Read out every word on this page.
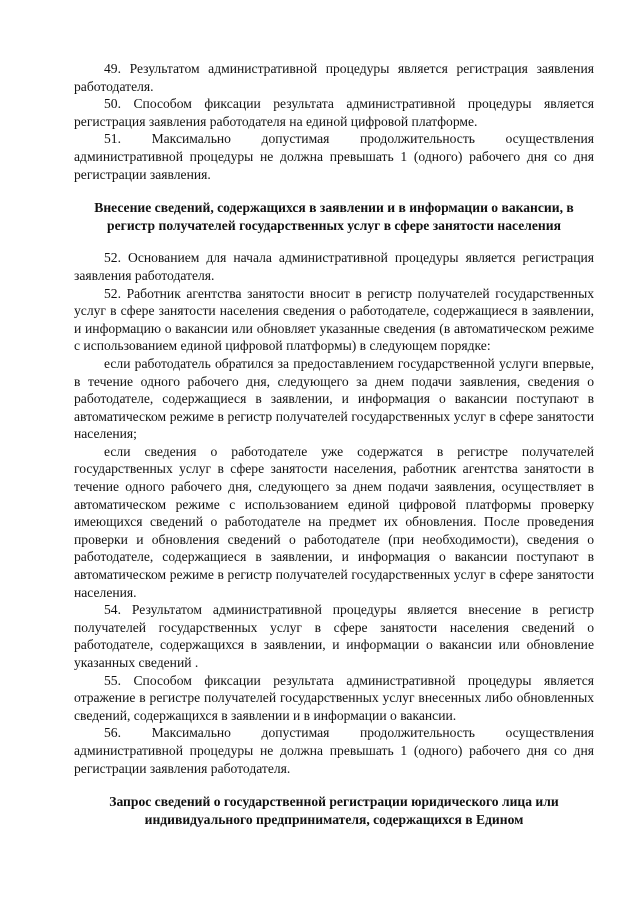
49. Результатом административной процедуры является регистрация заявления работодателя.

50. Способом фиксации результата административной процедуры является регистрация заявления работодателя на единой цифровой платформе.

51. Максимально допустимая продолжительность осуществления административной процедуры не должна превышать 1 (одного) рабочего дня со дня регистрации заявления.

Внесение сведений, содержащихся в заявлении и в информации о вакансии, в регистр получателей государственных услуг в сфере занятости населения

52. Основанием для начала административной процедуры является регистрация заявления работодателя.

52. Работник агентства занятости вносит в регистр получателей государственных услуг в сфере занятости населения сведения о работодателе, содержащиеся в заявлении, и информацию о вакансии или обновляет указанные сведения (в автоматическом режиме с использованием единой цифровой платформы) в следующем порядке:

если работодатель обратился за предоставлением государственной услуги впервые, в течение одного рабочего дня, следующего за днем подачи заявления, сведения о работодателе, содержащиеся в заявлении, и информация о вакансии поступают в автоматическом режиме в регистр получателей государственных услуг в сфере занятости населения;

если сведения о работодателе уже содержатся в регистре получателей государственных услуг в сфере занятости населения, работник агентства занятости в течение одного рабочего дня, следующего за днем подачи заявления, осуществляет в автоматическом режиме с использованием единой цифровой платформы проверку имеющихся сведений о работодателе на предмет их обновления. После проведения проверки и обновления сведений о работодателе (при необходимости), сведения о работодателе, содержащиеся в заявлении, и информация о вакансии поступают в автоматическом режиме в регистр получателей государственных услуг в сфере занятости населения.

54. Результатом административной процедуры является внесение в регистр получателей государственных услуг в сфере занятости населения сведений о работодателе, содержащихся в заявлении, и информации о вакансии или обновление указанных сведений .

55. Способом фиксации результата административной процедуры является отражение в регистре получателей государственных услуг внесенных либо обновленных сведений, содержащихся в заявлении и в информации о вакансии.

56. Максимально допустимая продолжительность осуществления административной процедуры не должна превышать 1 (одного) рабочего дня со дня регистрации заявления работодателя.

Запрос сведений о государственной регистрации юридического лица или индивидуального предпринимателя, содержащихся в Едином
